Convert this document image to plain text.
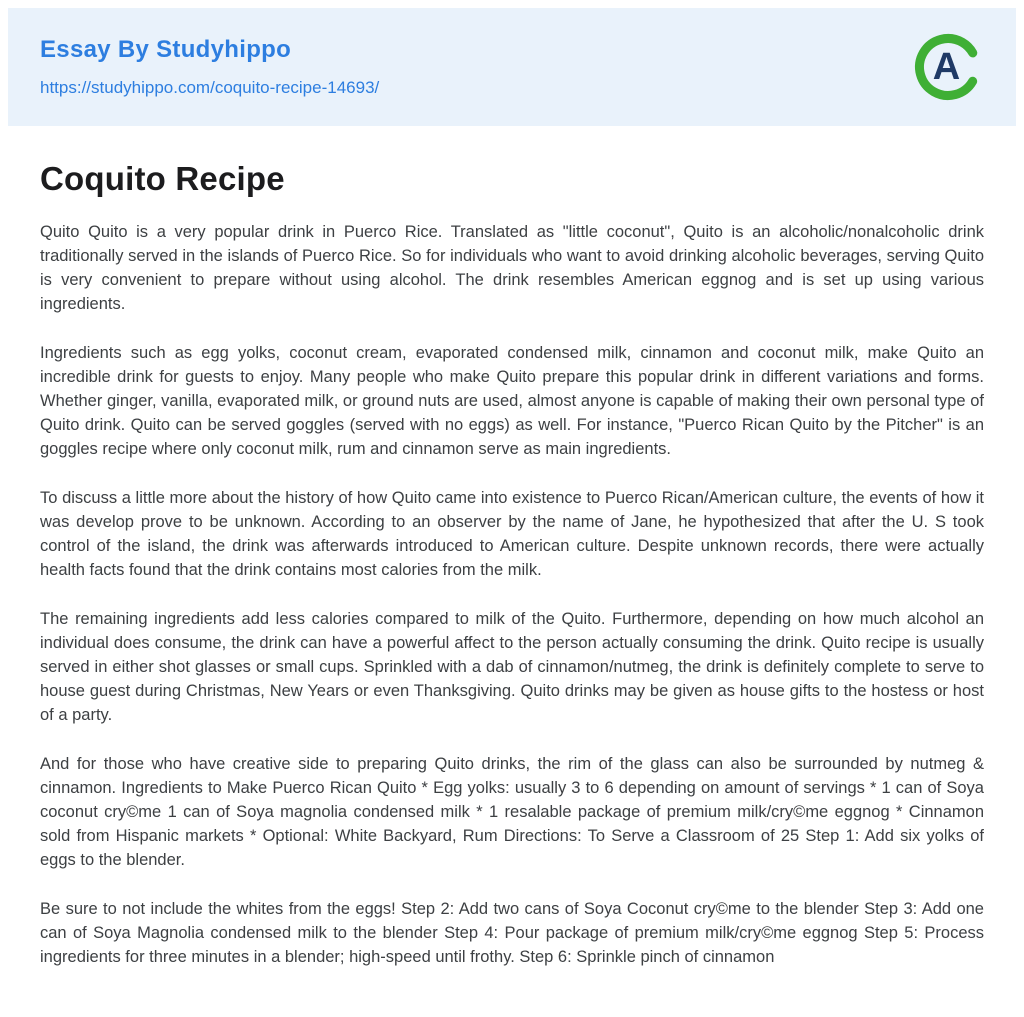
Essay By Studyhippo
https://studyhippo.com/coquito-recipe-14693/	A
Coquito Recipe

Quito Quito is a very popular drink in Puerco Rice. Translated as "little coconut", Quito is an alcoholic/nonalcoholic drink traditionally served in the islands of Puerco Rice. So for individuals who want to avoid drinking alcoholic beverages, serving Quito is very convenient to prepare without using alcohol. The drink resembles American eggnog and is set up using various ingredients.

Ingredients such as egg yolks, coconut cream, evaporated condensed milk, cinnamon and coconut milk, make Quito an incredible drink for guests to enjoy. Many people who make Quito prepare this popular drink in different variations and forms. Whether ginger, vanilla, evaporated milk, or ground nuts are used, almost anyone is capable of making their own personal type of Quito drink. Quito can be served goggles (served with no eggs) as well. For instance, "Puerco Rican Quito by the Pitcher" is an goggles recipe where only coconut milk, rum and cinnamon serve as main ingredients.

To discuss a little more about the history of how Quito came into existence to Puerco Rican/American culture, the events of how it was develop prove to be unknown. According to an observer by the name of Jane, he hypothesized that after the U. S took control of the island, the drink was afterwards introduced to American culture. Despite unknown records, there were actually health facts found that the drink contains most calories from the milk.

The remaining ingredients add less calories compared to milk of the Quito. Furthermore, depending on how much alcohol an individual does consume, the drink can have a powerful affect to the person actually consuming the drink. Quito recipe is usually served in either shot glasses or small cups. Sprinkled with a dab of cinnamon/nutmeg, the drink is definitely complete to serve to house guest during Christmas, New Years or even Thanksgiving. Quito drinks may be given as house gifts to the hostess or host of a party.

And for those who have creative side to preparing Quito drinks, the rim of the glass can also be surrounded by nutmeg & cinnamon. Ingredients to Make Puerco Rican Quito * Egg yolks: usually 3 to 6 depending on amount of servings * 1 can of Soya coconut cry©me 1 can of Soya magnolia condensed milk * 1 resalable package of premium milk/cry©me eggnog * Cinnamon sold from Hispanic markets * Optional: White Backyard, Rum Directions: To Serve a Classroom of 25 Step 1: Add six yolks of eggs to the blender.

Be sure to not include the whites from the eggs! Step 2: Add two cans of Soya Coconut cry©me to the blender Step 3: Add one can of Soya Magnolia condensed milk to the blender Step 4: Pour package of premium milk/cry©me eggnog Step 5: Process ingredients for three minutes in a blender; high-speed until frothy. Step 6: Sprinkle pinch of cinnamon
